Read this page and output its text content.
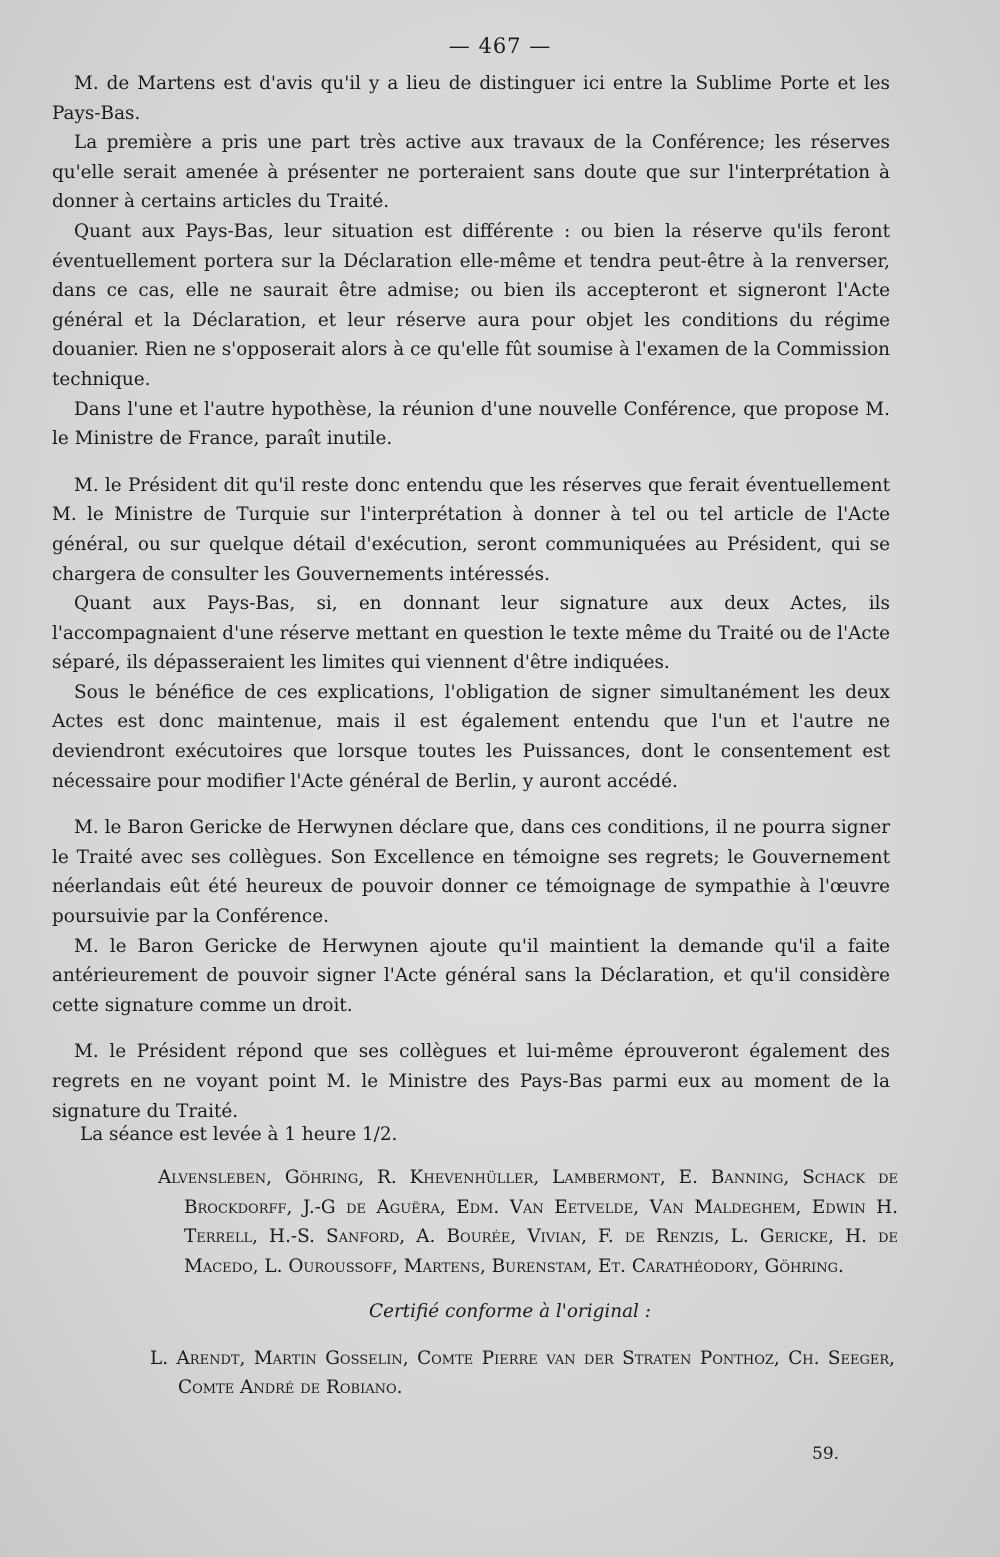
— 467 —

M. de Martens est d'avis qu'il y a lieu de distinguer ici entre la Sublime Porte et les Pays-Bas.

La première a pris une part très active aux travaux de la Conférence; les réserves qu'elle serait amenée à présenter ne porteraient sans doute que sur l'interprétation à donner à certains articles du Traité.

Quant aux Pays-Bas, leur situation est différente : ou bien la réserve qu'ils feront éventuellement portera sur la Déclaration elle-même et tendra peut-être à la renverser, dans ce cas, elle ne saurait être admise; ou bien ils accepteront et signeront l'Acte général et la Déclaration, et leur réserve aura pour objet les conditions du régime douanier. Rien ne s'opposerait alors à ce qu'elle fût soumise à l'examen de la Commission technique.

Dans l'une et l'autre hypothèse, la réunion d'une nouvelle Conférence, que propose M. le Ministre de France, paraît inutile.

M. le Président dit qu'il reste donc entendu que les réserves que ferait éventuellement M. le Ministre de Turquie sur l'interprétation à donner à tel ou tel article de l'Acte général, ou sur quelque détail d'exécution, seront communiquées au Président, qui se chargera de consulter les Gouvernements intéressés.

Quant aux Pays-Bas, si, en donnant leur signature aux deux Actes, ils l'accompagnaient d'une réserve mettant en question le texte même du Traité ou de l'Acte séparé, ils dépasseraient les limites qui viennent d'être indiquées.

Sous le bénéfice de ces explications, l'obligation de signer simultanément les deux Actes est donc maintenue, mais il est également entendu que l'un et l'autre ne deviendront exécutoires que lorsque toutes les Puissances, dont le consentement est nécessaire pour modifier l'Acte général de Berlin, y auront accédé.

M. le Baron Gericke de Herwynen déclare que, dans ces conditions, il ne pourra signer le Traité avec ses collègues. Son Excellence en témoigne ses regrets; le Gouvernement néerlandais eût été heureux de pouvoir donner ce témoignage de sympathie à l'œuvre poursuivie par la Conférence.

M. le Baron Gericke de Herwynen ajoute qu'il maintient la demande qu'il a faite antérieurement de pouvoir signer l'Acte général sans la Déclaration, et qu'il considère cette signature comme un droit.

M. le Président répond que ses collègues et lui-même éprouveront également des regrets en ne voyant point M. le Ministre des Pays-Bas parmi eux au moment de la signature du Traité.

La séance est levée à 1 heure 1/2.
Alvensleben, Göhring, R. Khevenhüller, Lambermont, E. Banning, Schack de Brockdorff, J.-G de Aguëra, Edm. Van Eetvelde, Van Maldeghem, Edwin H. Terrell, H.-S. Sanford, A. Bourée, Vivian, F. de Renzis, L. Gericke, H. de Macedo, L. Ouroussoff, Martens, Burenstam, Et. Carathéodory, Göhring.
Certifié conforme à l'original :
L. Arendt, Martin Gosselin, Comte Pierre van der Straten Ponthoz, Ch. Seeger, Comte André de Robiano.
59.
